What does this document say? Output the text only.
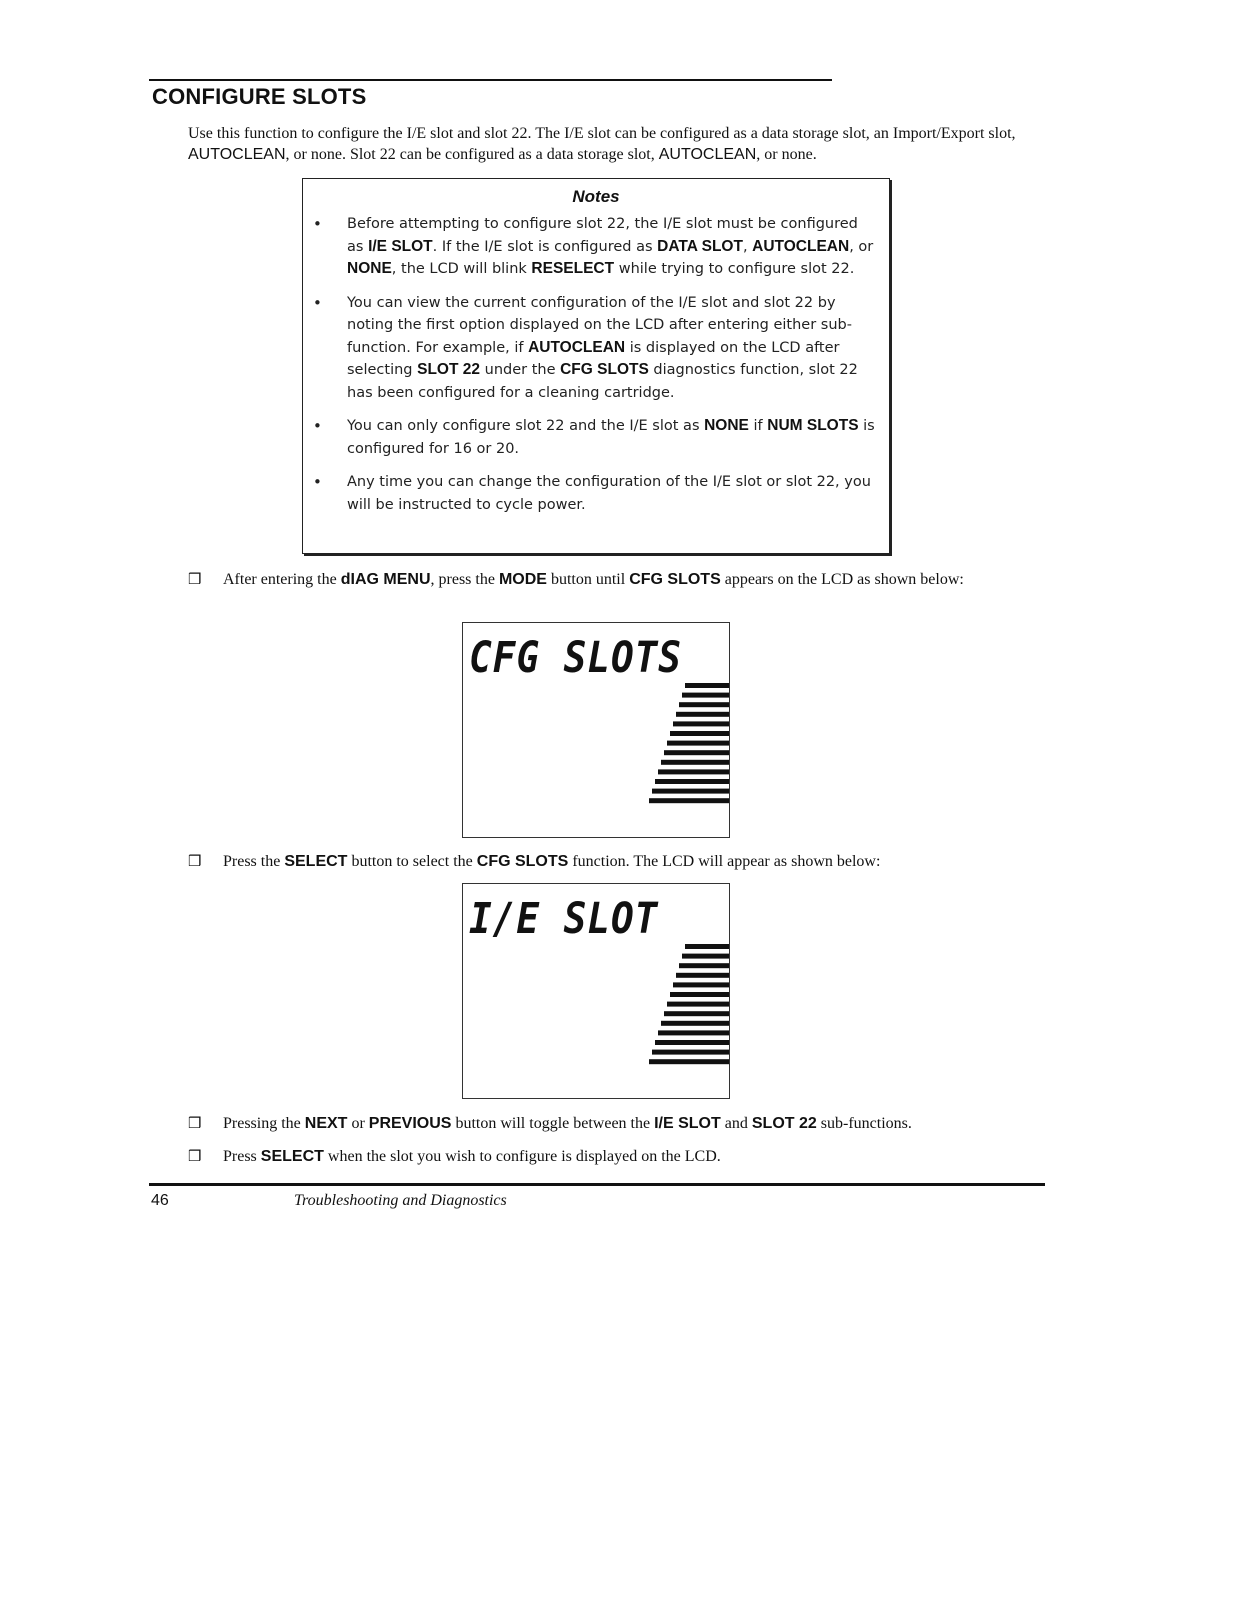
CONFIGURE SLOTS

Use this function to configure the I/E slot and slot 22. The I/E slot can be configured as a data storage slot, an Import/Export slot, AUTOCLEAN, or none. Slot 22 can be configured as a data storage slot, AUTOCLEAN, or none.

Notes
• Before attempting to configure slot 22, the I/E slot must be configured as I/E SLOT. If the I/E slot is configured as DATA SLOT, AUTOCLEAN, or NONE, the LCD will blink RESELECT while trying to configure slot 22.
• You can view the current configuration of the I/E slot and slot 22 by noting the first option displayed on the LCD after entering either sub-function. For example, if AUTOCLEAN is displayed on the LCD after selecting SLOT 22 under the CFG SLOTS diagnostics function, slot 22 has been configured for a cleaning cartridge.
• You can only configure slot 22 and the I/E slot as NONE if NUM SLOTS is configured for 16 or 20.
• Any time you can change the configuration of the I/E slot or slot 22, you will be instructed to cycle power.
❒	After entering the dIAG MENU, press the MODE button until CFG SLOTS appears on the LCD as shown below:
CFG SLOTS
❒	Press the SELECT button to select the CFG SLOTS function. The LCD will appear as shown below:
I/E SLOT
❒	Pressing the NEXT or PREVIOUS button will toggle between the I/E SLOT and SLOT 22 sub-functions.
❒	Press SELECT when the slot you wish to configure is displayed on the LCD.
46	Troubleshooting and Diagnostics
